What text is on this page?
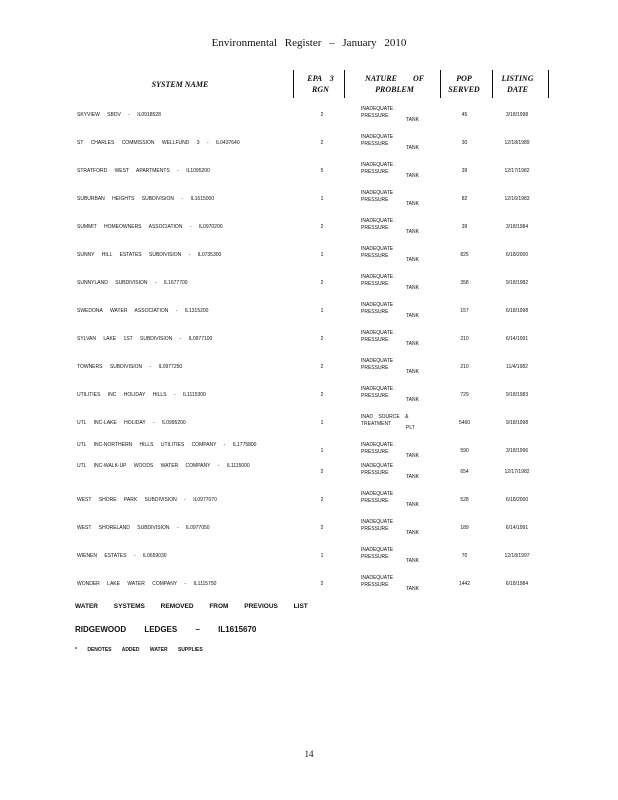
Environmental Register – January 2010
SYSTEM NAME
EPA 3
RGN
NATURE OF
PROBLEM
POP
SERVED
LISTING
DATE
SKYVIEW SBDV - IL0918528	2
INADEQUATE
PRESSURE
TANK
45	3/18/1998
ST CHARLES COMMISSION WELLFUND 3 - IL0437640	2
INADEQUATE
PRESSURE
TANK
30	12/18/1989
STRATFORD WEST APARTMENTS - IL1095200	5
INADEQUATE
PRESSURE
TANK
39	12/17/1982
SUBURBAN HEIGHTS SUBDIVISION - IL1615000	1
INADEQUATE
PRESSURE
TANK
82	12/16/1983
SUMMIT HOMEOWNERS ASSOCIATION - IL0970200	2
INADEQUATE
PRESSURE
TANK
39	3/18/1984
SUNNY HILL ESTATES SUBDIVISION - IL0735300	1
INADEQUATE
PRESSURE
TANK
825	6/18/2000
SUNNYLAND SUBDIVISION - IL1677700	2
INADEQUATE
PRESSURE
TANK
358	9/18/1982
SWEDONA WATER ASSOCIATION - IL1315200	1
INADEQUATE
PRESSURE
TANK
157	6/18/1998
SYLVAN LAKE 1ST SUBDIVISION - IL0977100	2
INADEQUATE
PRESSURE
TANK
210	6/14/1991
TOWNERS SUBDIVISION - IL0977250	2
INADEQUATE
PRESSURE
TANK
210	11/4/1982
UTILITIES INC HOLIDAY HILLS - IL1115300	2
INADEQUATE
PRESSURE
TANK
729	9/18/1983
UTL INC-LAKE HOLIDAY - IL0995200	1
INAD SOURCE &
TREATMENT
PLT
5460	9/18/1998
UTL INC-NORTHERN HILLS UTILITIES COMPANY - IL1775800
1
INADEQUATE
PRESSURE
TANK
590	3/18/1996
UTL INC-WALK-UP WOODS WATER COMPANY - IL1115000
2
INADEQUATE
PRESSURE
TANK
654	12/17/1982
WEST SHORE PARK SUBDIVISION - IL0977070	2
INADEQUATE
PRESSURE
TANK
528	6/18/2000
WEST SHORELAND SUBDIVISION - IL0977050	2
INADEQUATE
PRESSURE
TANK
189	6/14/1991
WIENEN ESTATES - IL0659030	1
INADEQUATE
PRESSURE
TANK
70	12/18/1997
WONDER LAKE WATER COMPANY - IL1115750	2
INADEQUATE
PRESSURE
TANK
1442	6/18/1984
WATER SYSTEMS REMOVED FROM PREVIOUS LIST
RIDGEWOOD LEDGES – IL1615670
* DENOTES ADDED WATER SUPPLIES
14
